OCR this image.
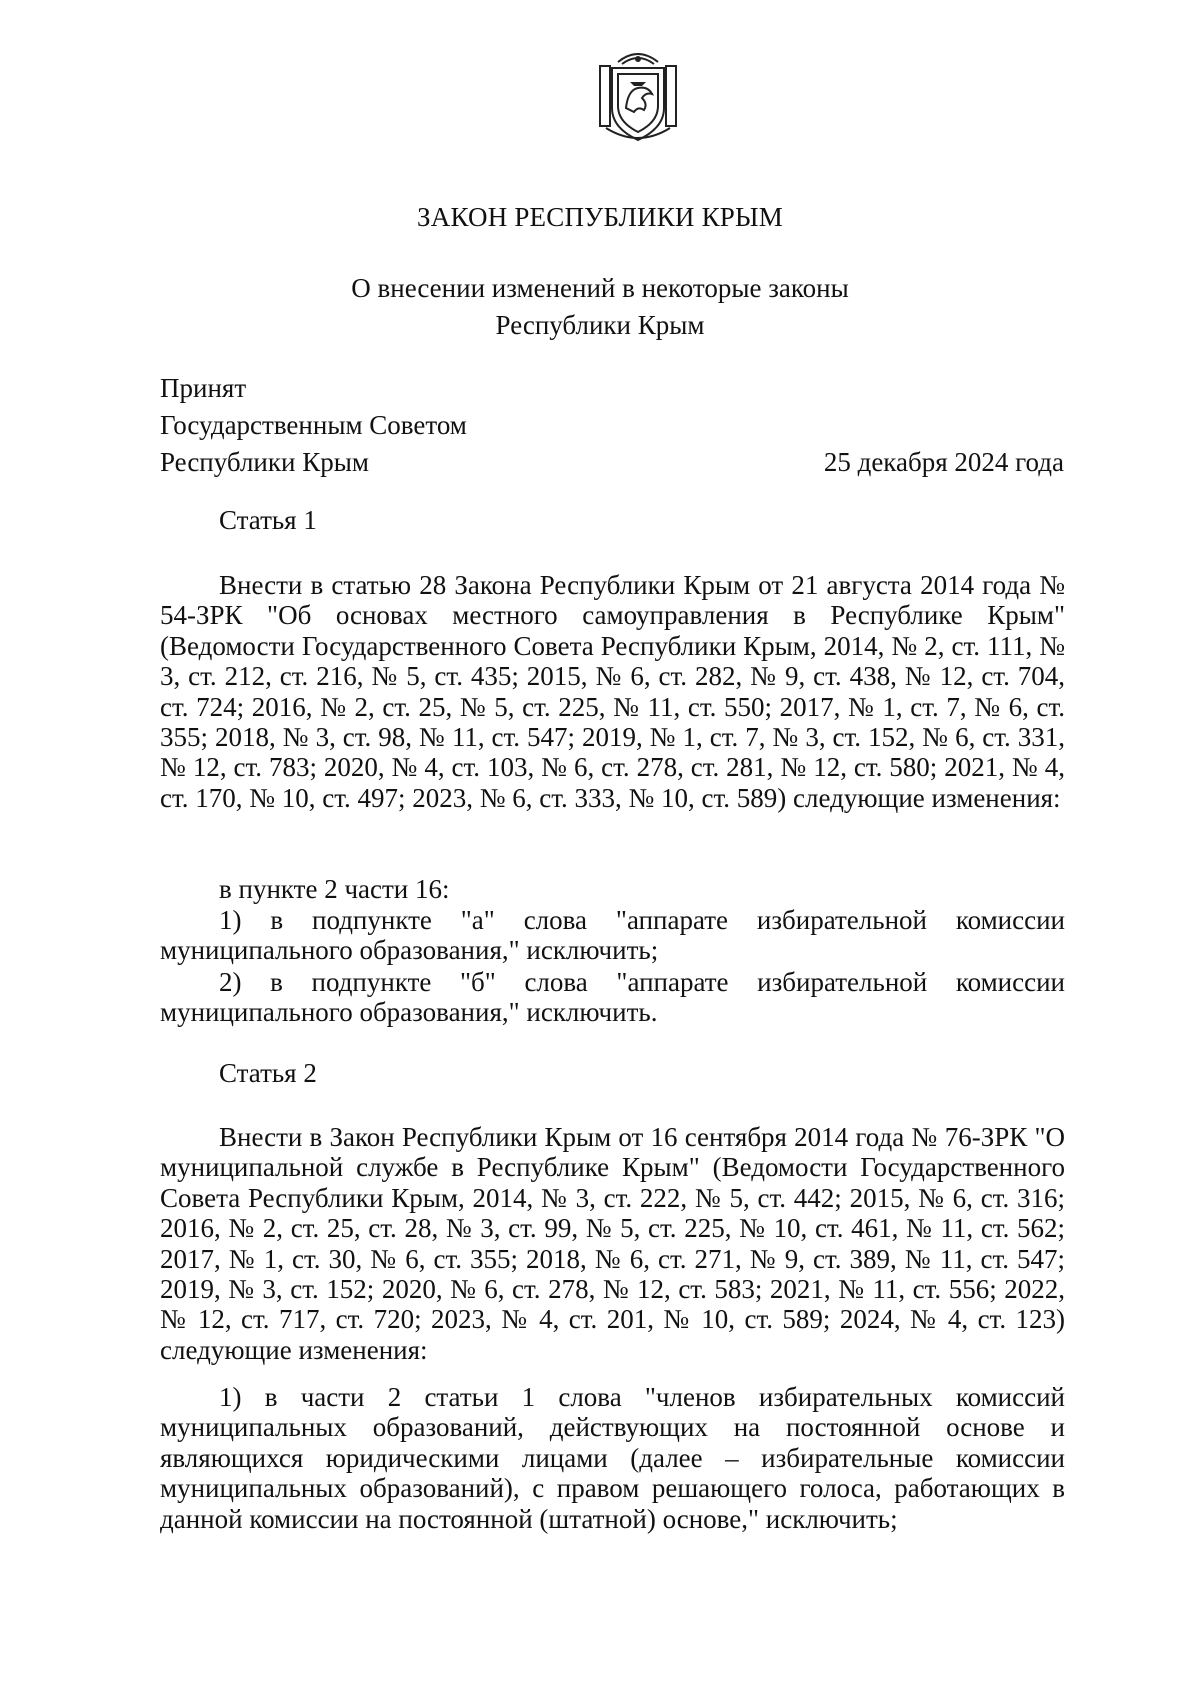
ЗАКОН РЕСПУБЛИКИ КРЫМ
О внесении изменений в некоторые законы
Республики Крым
Принят
Государственным Советом
Республики Крым	25 декабря 2024 года
Статья 1

Внести в статью 28 Закона Республики Крым от 21 августа 2014 года № 54-ЗРК "Об основах местного самоуправления в Республике Крым" (Ведомости Государственного Совета Республики Крым, 2014, № 2, ст. 111, № 3, ст. 212, ст. 216, № 5, ст. 435; 2015, № 6, ст. 282, № 9, ст. 438, № 12, ст. 704, ст. 724; 2016, № 2, ст. 25, № 5, ст. 225, № 11, ст. 550; 2017, № 1, ст. 7, № 6, ст. 355; 2018, № 3, ст. 98, № 11, ст. 547; 2019, № 1, ст. 7, № 3, ст. 152, № 6, ст. 331, № 12, ст. 783; 2020, № 4, ст. 103, № 6, ст. 278, ст. 281, № 12, ст. 580; 2021, № 4, ст. 170, № 10, ст. 497; 2023, № 6, ст. 333, № 10, ст. 589) следующие изменения:

в пункте 2 части 16:

1) в подпункте "а" слова "аппарате избирательной комиссии муниципального образования," исключить;

2) в подпункте "б" слова "аппарате избирательной комиссии муниципального образования," исключить.

Статья 2

Внести в Закон Республики Крым от 16 сентября 2014 года № 76-ЗРК "О муниципальной службе в Республике Крым" (Ведомости Государственного Совета Республики Крым, 2014, № 3, ст. 222, № 5, ст. 442; 2015, № 6, ст. 316; 2016, № 2, ст. 25, ст. 28, № 3, ст. 99, № 5, ст. 225, № 10, ст. 461, № 11, ст. 562; 2017, № 1, ст. 30, № 6, ст. 355; 2018, № 6, ст. 271, № 9, ст. 389, № 11, ст. 547; 2019, № 3, ст. 152; 2020, № 6, ст. 278, № 12, ст. 583; 2021, № 11, ст. 556; 2022, № 12, ст. 717, ст. 720; 2023, № 4, ст. 201, № 10, ст. 589; 2024, № 4, ст. 123) следующие изменения:

1) в части 2 статьи 1 слова "членов избирательных комиссий муниципальных образований, действующих на постоянной основе и являющихся юридическими лицами (далее – избирательные комиссии муниципальных образований), с правом решающего голоса, работающих в данной комиссии на постоянной (штатной) основе," исключить;
